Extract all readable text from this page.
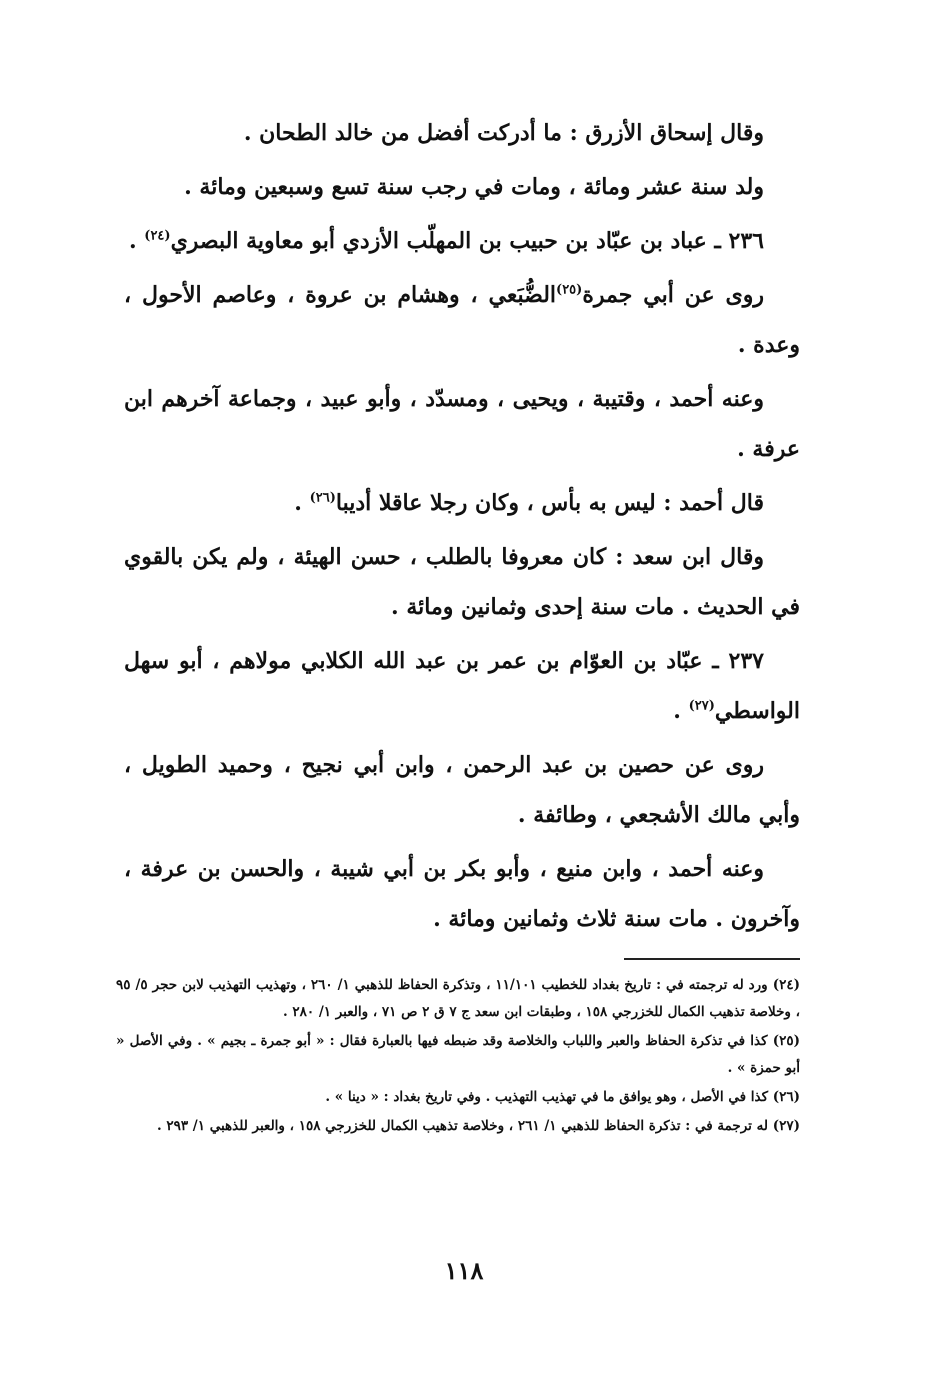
وقال إسحاق الأزرق : ما أدركت أفضل من خالد الطحان .

ولد سنة عشر ومائة ، ومات في رجب سنة تسع وسبعين ومائة .

٢٣٦ ـ عباد بن عبّاد بن حبيب بن المهلّب الأزدي أبو معاوية البصري$^{(٢٤)}$ .

روى عن أبي جمرة$^{(٢٥)}$الضُّبَعي ، وهشام بن عروة ، وعاصم الأحول ، وعدة .

وعنه أحمد ، وقتيبة ، ويحيى ، ومسدّد ، وأبو عبيد ، وجماعة آخرهم ابن عرفة .

قال أحمد : ليس به بأس ، وكان رجلا عاقلا أديبا$^{(٢٦)}$ .

وقال ابن سعد : كان معروفا بالطلب ، حسن الهيئة ، ولم يكن بالقوي في الحديث . مات سنة إحدى وثمانين ومائة .

٢٣٧ ـ عبّاد بن العوّام بن عمر بن عبد الله الكلابي مولاهم ، أبو سهل الواسطي$^{(٢٧)}$ .

روى عن حصين بن عبد الرحمن ، وابن أبي نجيح ، وحميد الطويل ، وأبي مالك الأشجعي ، وطائفة .

وعنه أحمد ، وابن منيع ، وأبو بكر بن أبي شيبة ، والحسن بن عرفة ، وآخرون . مات سنة ثلاث وثمانين ومائة .

(٢٤) ورد له ترجمته في : تاريخ بغداد للخطيب ١١/١٠١ ، وتذكرة الحفاظ للذهبي ١/ ٢٦٠ ، وتهذيب التهذيب لابن حجر ٥/ ٩٥ ، وخلاصة تذهيب الكمال للخزرجي ١٥٨ ، وطبقات ابن سعد ج ٧ ق ٢ ص ٧١ ، والعبر ١/ ٢٨٠ .

(٢٥) كذا في تذكرة الحفاظ والعبر واللباب والخلاصة وقد ضبطه فيها بالعبارة فقال : « أبو جمرة ـ بجيم » . وفي الأصل « أبو حمزة » .

(٢٦) كذا في الأصل ، وهو يوافق ما في تهذيب التهذيب . وفي تاريخ بغداد : « دينا » .

(٢٧) له ترجمة في : تذكرة الحفاظ للذهبي ١/ ٢٦١ ، وخلاصة تذهيب الكمال للخزرجي ١٥٨ ، والعبر للذهبي ١/ ٢٩٣ .

١١٨
